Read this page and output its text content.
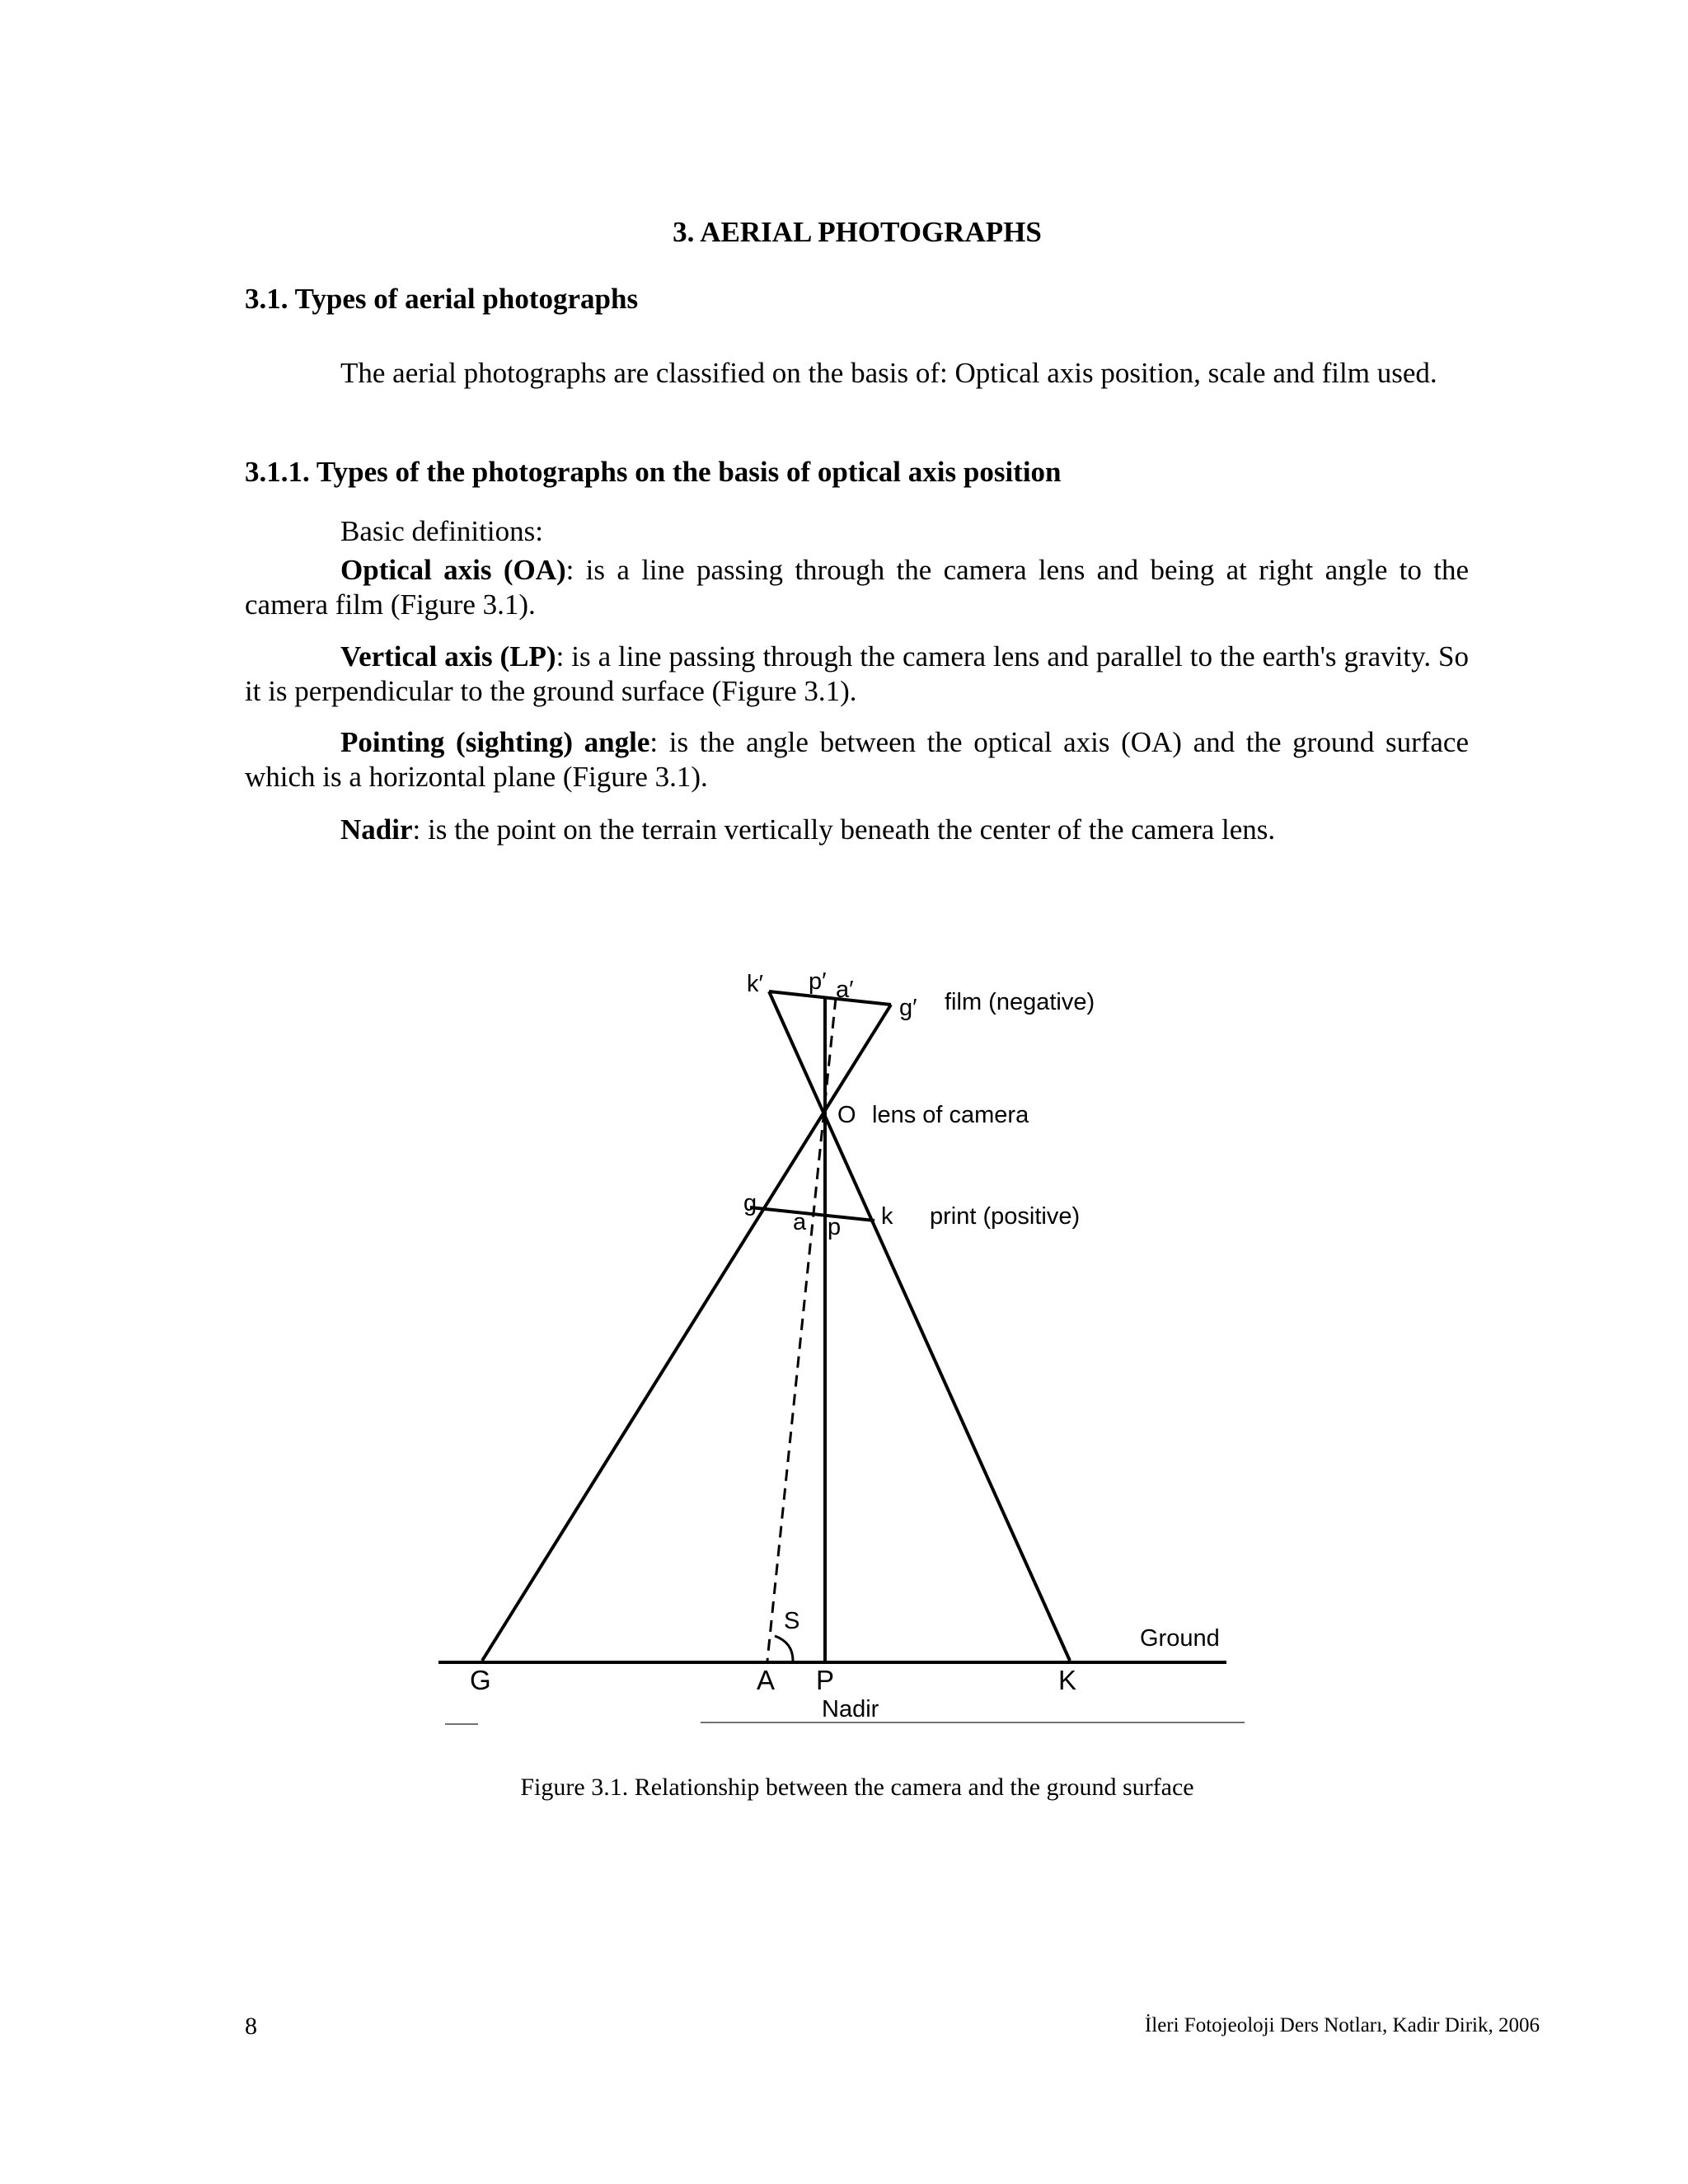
3. AERIAL PHOTOGRAPHS
3.1. Types of aerial photographs
The aerial photographs are classified on the basis of: Optical axis position, scale and film used.
3.1.1. Types of the photographs on the basis of optical axis position
Basic definitions:
Optical axis (OA): is a line passing through the camera lens and being at right angle to the camera film (Figure 3.1).
Vertical axis (LP): is a line passing through the camera lens and parallel to the earth's gravity. So it is perpendicular to the ground surface (Figure 3.1).
Pointing (sighting) angle: is the angle between the optical axis (OA) and the ground surface which is a horizontal plane (Figure 3.1).
Nadir: is the point on the terrain vertically beneath the center of the camera lens.
k′ p′ a′
g′ film (negative)
O lens of camera
g
a p k print (positive)
S
Ground
G	A P	K
Nadir
Figure 3.1. Relationship between the camera and the ground surface
8	İleri Fotojeoloji Ders Notları, Kadir Dirik, 2006
